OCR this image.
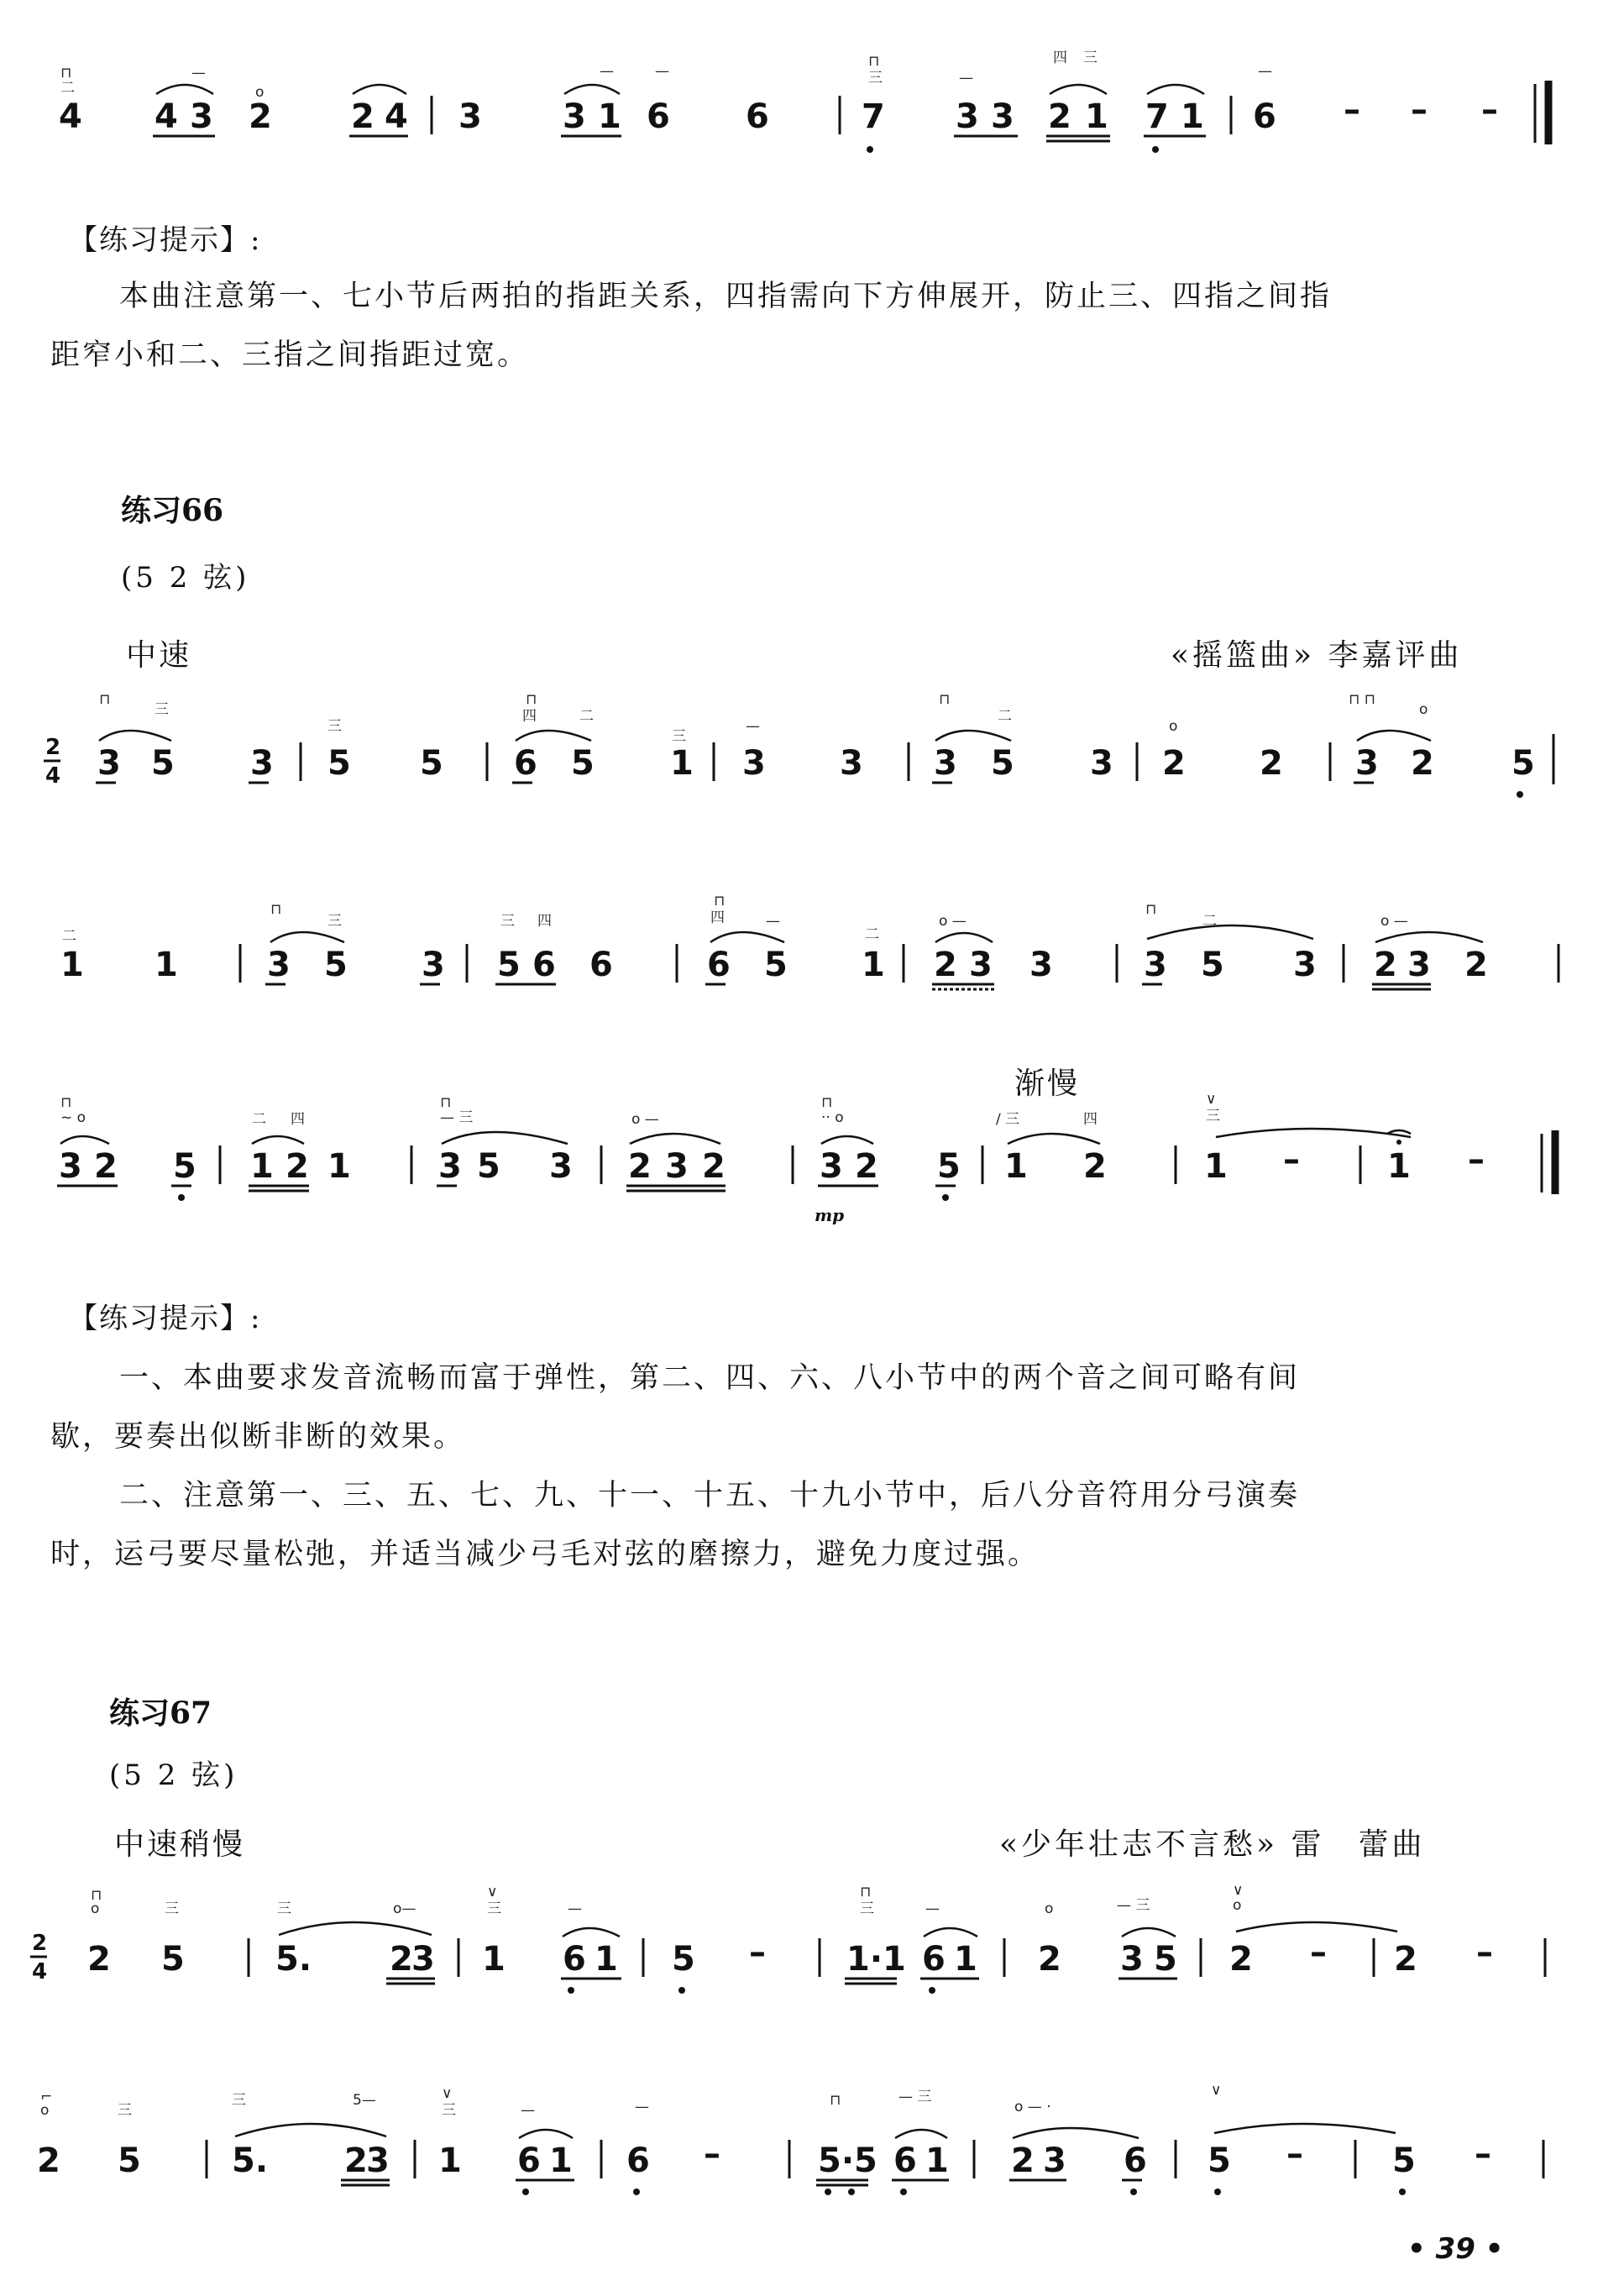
⊓
二
—
o
—	—
⊓
三	—
四 三
—
4 4 3 2 2 4 3 3 1 6 6	7 3 3 2 1 7 1 6 – – –
【练习提示】:
本曲注意第一、七小节后两拍的指距关系，四指需向下方伸展开，防止三、四指之间指
距窄小和二、三指之间指距过宽。
练习66
(5 2 弦)
中速	«摇篮曲» 李嘉评曲
⊓
三
三
⊓
四	二
三
—
⊓
二
o
⊓ ⊓
o
2
4 3 5 3 5 5 6 5 1 3 3 3 5 3 2 2 3 2 5
二
⊓
三	三 四
⊓
四	—
二
o —
⊓
二	o —
1 1	3 5 3 5 6 6	6 5 1 2 3 3	3 5 3 2 3 2
渐慢
⊓
~ o	二 四
⊓
— 三	o —
⊓
·· o	/ 三	四
∨
三
3 2 5 1 2 1	3 5 3 2 3 2	3 2 5 1 2	1 –	1 –
mp
【练习提示】:
一、本曲要求发音流畅而富于弹性，第二、四、六、八小节中的两个音之间可略有间
歇，要奏出似断非断的效果。
二、注意第一、三、五、七、九、十一、十五、十九小节中，后八分音符用分弓演奏
时，运弓要尽量松弛，并适当减少弓毛对弦的磨擦力，避免力度过强。
练习67
(5 2 弦)
中速稍慢	«少年壮志不言愁» 雷　蕾曲
⊓
o	三	三	o—
∨
三	—
⊓
三	—	o	— 三
∨
o
2
4 2 5	5. 2
3 1 6 1 5 – 1·1 6 1 2 3 5 2 – 2 –
⌐
o	三
三	5—	∨
三	—	—	⊓	— 三
o — ·
∨
2 5	5. 2
3 1 6 1 6 –	5·5 6 1 2 3 6 5 –	5 –
• 39 •
